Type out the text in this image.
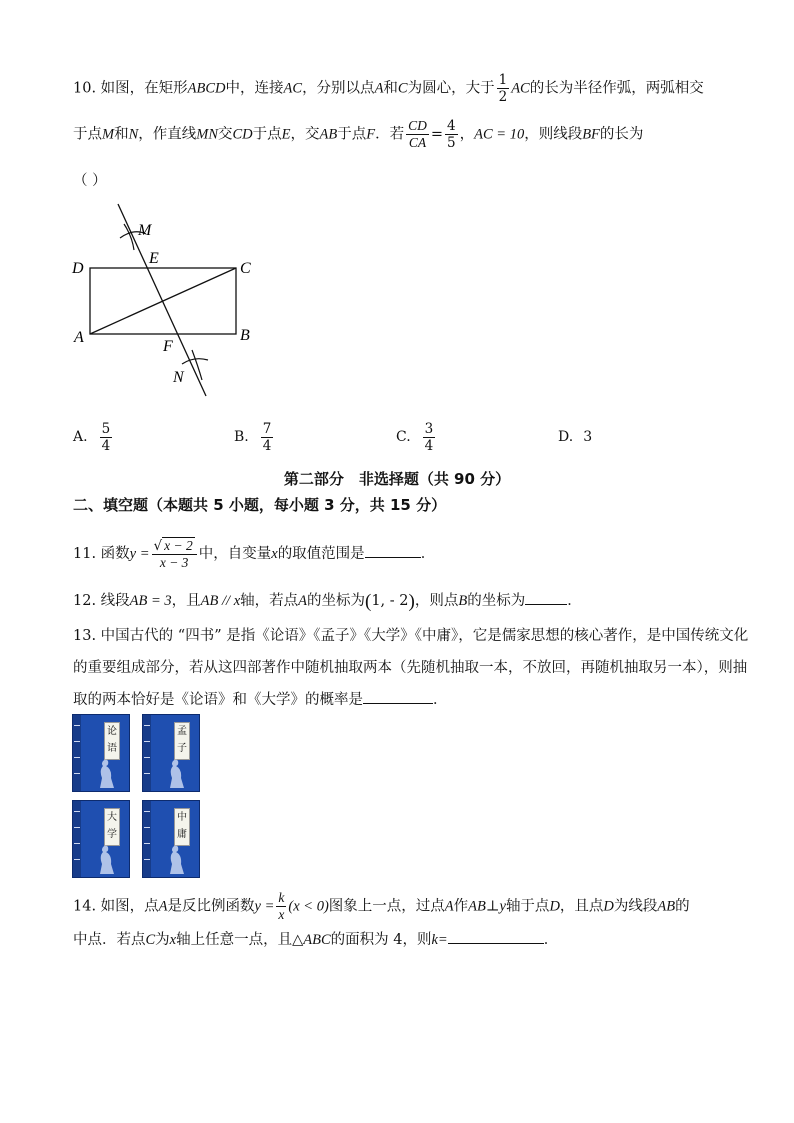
10. 如图，在矩形ABCD中，连接AC，分别以点A和C为圆心，大于 $\frac{1}{2}$ AC的长为半径作弧，两弧相交
于点M和N，作直线MN交CD于点E，交AB于点F．若 $\frac{CD}{CA} = \frac{4}{5}$ ，AC = 10，则线段BF的长为
（ ）
M
E
D	C
A
F
B
N
A. $\frac{5}{4}$	B. $\frac{7}{4}$	C. $\frac{3}{4}$	D. 3
第二部分　非选择题（共 90 分）
二、填空题（本题共 5 小题，每小题 3 分，共 15 分）
11. 函数$y = \frac{√ x - 2}{x - 3}$ 中，自变量x的取值范围是	．
12. 线段AB = 3，且AB // x轴，若点A的坐标为(1, - 2)，则点B的坐标为	．
13. 中国古代的 “四书” 是指《论语》《孟子》《大学》《中庸》，它是儒家思想的核心著作，是中国传统文化
的重要组成部分，若从这四部著作中随机抽取两本（先随机抽取一本，不放回，再随机抽取另一本），则抽
取的两本恰好是《论语》和《大学》的概率是	．
论
语
孟
子
大
学
中
庸
14. 如图，点A是反比例函数$y = \frac{k}{x} (x < 0)$图象上一点，过点A作AB⊥y轴于点D，且点D为线段AB的
中点．若点C为x轴上任意一点，且△ABC的面积为 4，则k=	．
